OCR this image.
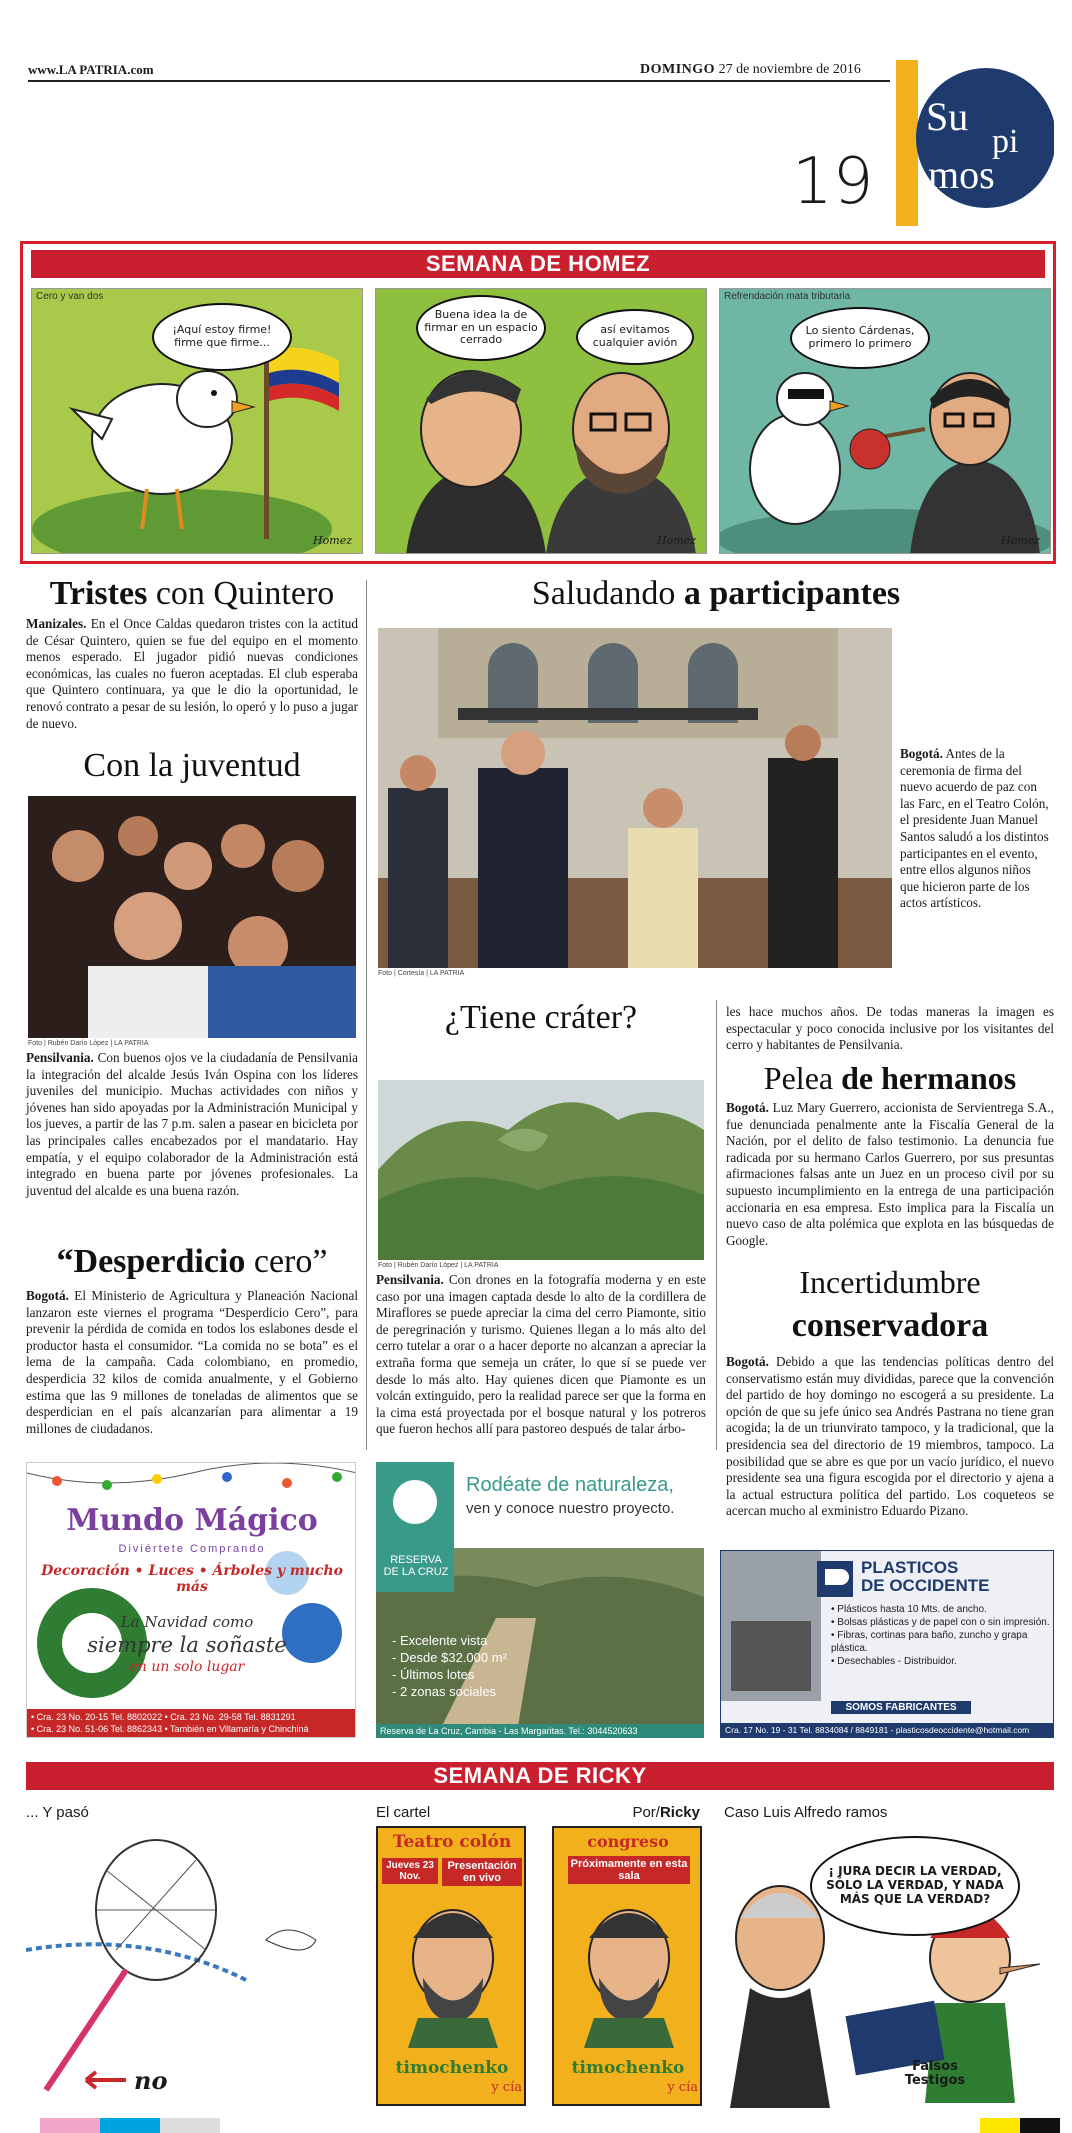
www.LA PATRIA.com	DOMINGO 27 de noviembre de 2016
19
Su
pi
mos
SEMANA DE HOMEZ
Cero y van dos
¡Aquí estoy firme! firme que firme...
Homez
Buena idea la de firmar en un espacio cerrado
así evitamos cualquier avión
Homez
Refrendación mata tributaria
Lo siento Cárdenas, primero lo primero
Homez
Tristes con Quintero
Manizales. En el Once Caldas quedaron tristes con la actitud de César Quintero, quien se fue del equipo en el momento menos esperado. El jugador pidió nuevas condiciones económicas, las cuales no fueron aceptadas. El club esperaba que Quintero continuara, ya que le dio la oportunidad, le renovó contrato a pesar de su lesión, lo operó y lo puso a jugar de nuevo.
Con la juventud
Foto | Rubén Darío López | LA PATRIA
Pensilvania. Con buenos ojos ve la ciudadanía de Pensilvania la integración del alcalde Jesús Iván Ospina con los líderes juveniles del municipio. Muchas actividades con niños y jóvenes han sido apoyadas por la Administración Municipal y los jueves, a partir de las 7 p.m. salen a pasear en bicicleta por las principales calles encabezados por el mandatario. Hay empatía, y el equipo colaborador de la Administración está integrado en buena parte por jóvenes profesionales. La juventud del alcalde es una buena razón.
“Desperdicio cero”
Bogotá. El Ministerio de Agricultura y Planeación Nacional lanzaron este viernes el programa “Desperdicio Cero”, para prevenir la pérdida de comida en todos los eslabones desde el productor hasta el consumidor. “La comida no se bota” es el lema de la campaña. Cada colombiano, en promedio, desperdicia 32 kilos de comida anualmente, y el Gobierno estima que las 9 millones de toneladas de alimentos que se desperdician en el país alcanzarían para alimentar a 19 millones de ciudadanos.
Saludando a participantes
Foto | Cortesía | LA PATRIA
Bogotá. Antes de la ceremonia de firma del nuevo acuerdo de paz con las Farc, en el Teatro Colón, el presidente Juan Manuel Santos saludó a los distintos participantes en el evento, entre ellos algunos niños que hicieron parte de los actos artísticos.
¿Tiene cráter?
Foto | Rubén Darío López | LA PATRIA
Pensilvania. Con drones en la fotografía moderna y en este caso por una imagen captada desde lo alto de la cordillera de Miraflores se puede apreciar la cima del cerro Piamonte, sitio de peregrinación y turismo. Quienes llegan a lo más alto del cerro tutelar a orar o a hacer deporte no alcanzan a apreciar la extraña forma que semeja un cráter, lo que sí se puede ver desde lo más alto. Hay quienes dicen que Piamonte es un volcán extinguido, pero la realidad parece ser que la forma en la cima está proyectada por el bosque natural y los potreros que fueron hechos allí para pastoreo después de talar árbo-
les hace muchos años. De todas maneras la imagen es espectacular y poco conocida inclusive por los visitantes del cerro y habitantes de Pensilvania.
Pelea de hermanos
Bogotá. Luz Mary Guerrero, accionista de Servientrega S.A., fue denunciada penalmente ante la Fiscalía General de la Nación, por el delito de falso testimonio. La denuncia fue radicada por su hermano Carlos Guerrero, por sus presuntas afirmaciones falsas ante un Juez en un proceso civil por su supuesto incumplimiento en la entrega de una participación accionaria en esa empresa. Esto implica para la Fiscalía un nuevo caso de alta polémica que explota en las búsquedas de Google.
Incertidumbre
conservadora
Bogotá. Debido a que las tendencias políticas dentro del conservatismo están muy divididas, parece que la convención del partido de hoy domingo no escogerá a su presidente. La opción de que su jefe único sea Andrés Pastrana no tiene gran acogida; la de un triunvirato tampoco, y la tradicional, que la presidencia sea del directorio de 19 miembros, tampoco. La posibilidad que se abre es que por un vacío jurídico, el nuevo presidente sea una figura escogida por el directorio y ajena a la actual estructura política del partido. Los coqueteos se acercan mucho al exministro Eduardo Pizano.
Mundo Mágico
Diviértete Comprando
Decoración • Luces • Árboles y mucho más
La Navidad como
siempre la soñaste
en un solo lugar
• Cra. 23 No. 20-15 Tel. 8802022 • Cra. 23 No. 29-58 Tel. 8831291
• Cra. 23 No. 51-06 Tel. 8862343 • También en Villamaría y Chinchiná
RESERVA
DE LA CRUZ
Rodéate de naturaleza,
ven y conoce nuestro proyecto.
- Excelente vista
- Desde $32.000 m²
- Últimos lotes
- 2 zonas sociales
Reserva de La Cruz, Cambia - Las Margaritas. Tel.: 3044520633
PLASTICOS
DE OCCIDENTE
• Plásticos hasta 10 Mts. de ancho.
• Bolsas plásticas y de papel con o sin impresión.
• Fibras, cortinas para baño, zuncho y grapa plástica.
• Desechables - Distribuidor.
SOMOS FABRICANTES
Cra. 17 No. 19 - 31 Tel. 8834084 / 8849181 - plasticosdeoccidente@hotmail.com
SEMANA DE RICKY
... Y pasó
no
El cartel	Por/Ricky
Teatro colón
Jueves 23 Nov.
Presentación en vivo
timochenko
y cía
congreso
Próximamente en esta sala
timochenko
y cía
Caso Luis Alfredo ramos
¡ JURA DECIR LA VERDAD, SÓLO LA VERDAD, Y NADA MÁS QUE LA VERDAD?
Falsos Testigos
